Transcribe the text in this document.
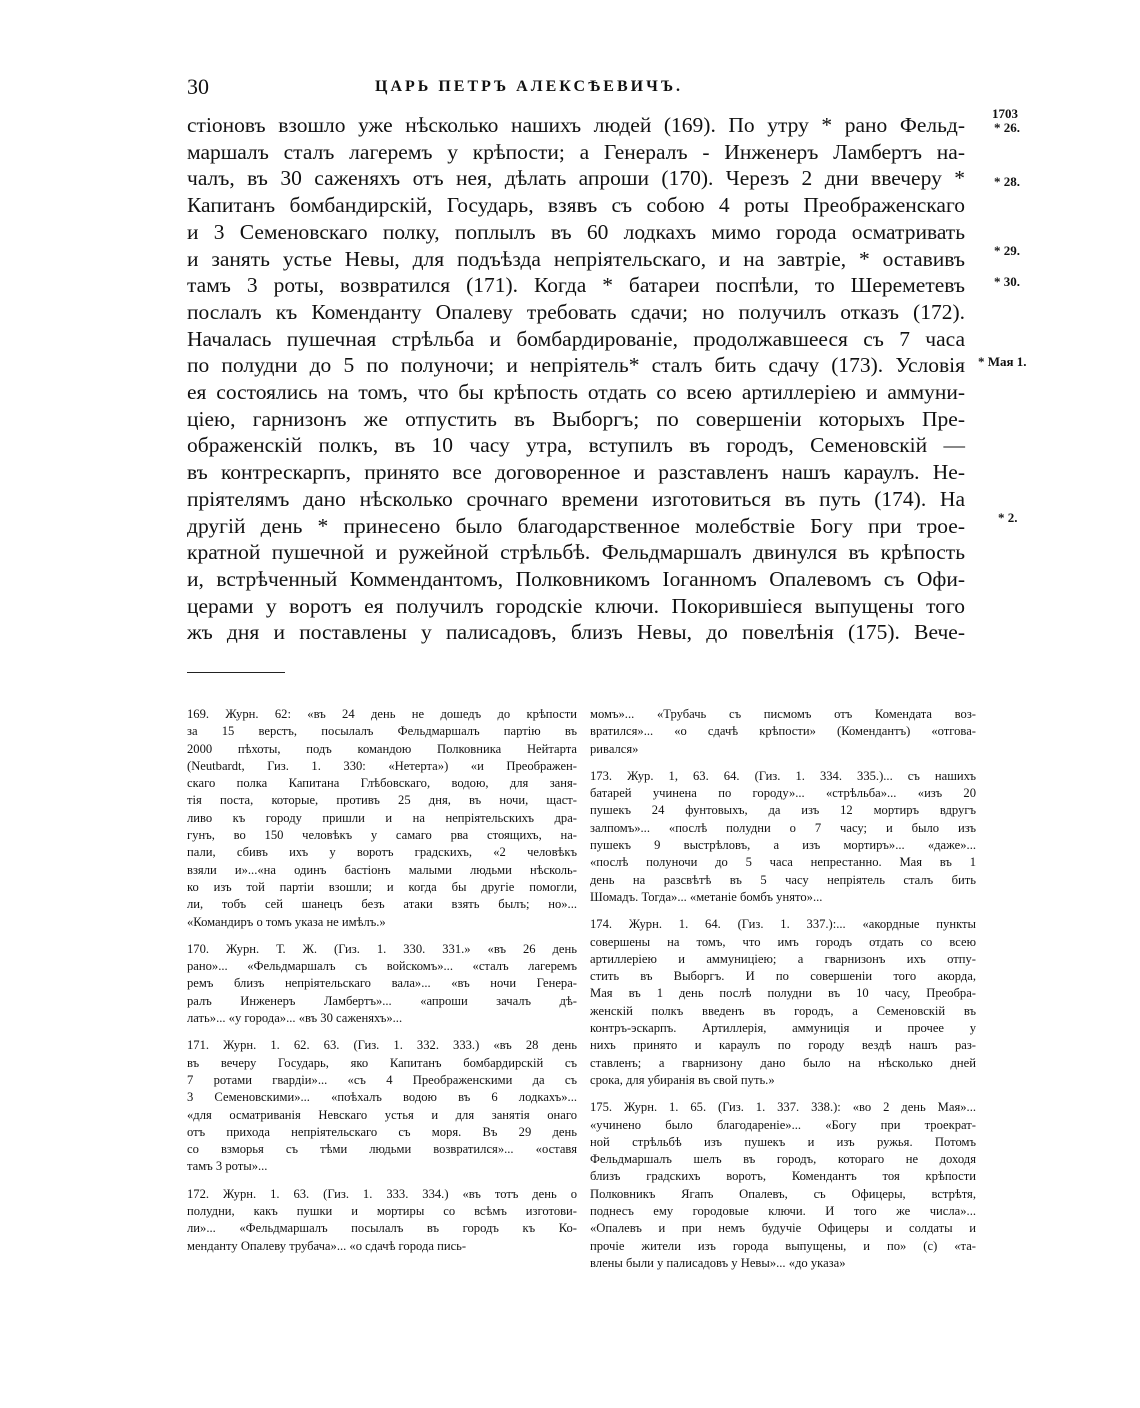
30	ЦАРЬ ПЕТРЪ АЛЕКСѢЕВИЧЪ.
стіоновъ взошло уже нѣсколько нашихъ людей (169). По утру * рано Фельд-
маршалъ сталъ лагеремъ у крѣпости; а Генералъ - Инженеръ Ламбертъ на-
чалъ, въ 30 саженяхъ отъ нея, дѣлать апроши (170). Черезъ 2 дни ввечеру *
Капитанъ бомбандирскій, Государь, взявъ съ собою 4 роты Преображенскаго
и 3 Семеновскаго полку, поплылъ въ 60 лодкахъ мимо города осматривать
и занять устье Невы, для подъѣзда непріятельскаго, и на завтріе, * оставивъ
тамъ 3 роты, возвратился (171). Когда * батареи поспѣли, то Шереметевъ
послалъ къ Коменданту Опалеву требовать сдачи; но получилъ отказъ (172).
Началась пушечная стрѣльба и бомбардированіе, продолжавшееся съ 7 часа
по полудни до 5 по полуночи; и непріятель* сталъ бить сдачу (173). Условія
ея состоялись на томъ, что бы крѣпость отдать со всею артиллеріею и аммуни-
ціею, гарнизонъ же отпустить въ Выборгъ; по совершеніи которыхъ Пре-
ображенскій полкъ, въ 10 часу утра, вступилъ въ городъ, Семеновскій —
въ контрескарпъ, принято все договоренное и разставленъ нашъ караулъ. Не-
пріятелямъ дано нѣсколько срочнаго времени изготовиться въ путь (174). На
другій день * принесено было благодарственное молебствіе Богу при трое-
кратной пушечной и ружейной стрѣльбѣ. Фельдмаршалъ двинулся въ крѣпость
и, встрѣченный Коммендантомъ, Полковникомъ Іоганномъ Опалевомъ съ Офи-
церами у воротъ ея получилъ городскіе ключи. Покорившіеся выпущены того
жъ дня и поставлены у палисадовъ, близъ Невы, до повелѣнія (175). Вече-
1703
* 26.
* 28.
* 29.
* 30.
* Мая 1.
* 2.
169. Журн. 62: «въ 24 день не дошедъ до крѣпости
за 15 верстъ, посылалъ Фельдмаршалъ партію въ
2000 пѣхоты, подъ командою Полковника Нейтарта
(Neutbardt, Гиз. 1. 330: «Нетерта») «и Преображен-
скаго полка Капитана Глѣбовскаго, водою, для заня-
тія поста, которые, противъ 25 дня, въ ночи, щаст-
ливо къ городу пришли и на непріятельскихъ дра-
гунъ, во 150 человѣкъ у самаго рва стоящихъ, на-
пали, сбивъ ихъ у воротъ градскихъ, «2 человѣкъ
взяли и»...«на одинъ бастіонъ малыми людьми нѣсколь-
ко изъ той партіи взошли; и когда бы другіе помогли,
ли, тобъ сей шанецъ безъ атаки взять былъ; но»...
«Командиръ о томъ указа не имѣлъ.»
170. Журн. Т. Ж. (Гиз. 1. 330. 331.» «въ 26 день
рано»... «Фельдмаршалъ съ войскомъ»... «сталъ лагеремъ
ремъ близъ непріятельскаго вала»... «въ ночи Генера-
ралъ Инженеръ Ламбертъ»... «апроши зачалъ дѣ-
лать»... «у города»... «въ 30 саженяхъ»...
171. Журн. 1. 62. 63. (Гиз. 1. 332. 333.) «въ 28 день
въ вечеру Государь, яко Капитанъ бомбардирскій съ
7 ротами гвардіи»... «съ 4 Преображенскими да съ
3 Семеновскими»... «поѣхалъ водою въ 6 лодкахъ»...
«для осматриванія Невскаго устья и для занятія онаго
отъ прихода непріятельскаго съ моря. Въ 29 день
со взморья съ тѣми людьми возвратился»... «оставя
тамъ 3 роты»...
172. Журн. 1. 63. (Гиз. 1. 333. 334.) «въ тотъ день о
полудни, какъ пушки и мортиры со всѣмъ изготови-
ли»... «Фельдмаршалъ посылалъ въ городъ къ Ко-
менданту Опалеву трубача»... «о сдачѣ города пись-
момъ»... «Трубачь съ писмомъ отъ Комендата воз-
вратился»... «о сдачѣ крѣпости» (Комендантъ) «отгова-
ривался»
173. Жур. 1, 63. 64. (Гиз. 1. 334. 335.)... съ нашихъ
батарей учинена по городу»... «стрѣльба»... «изъ 20
пушекъ 24 фунтовыхъ, да изъ 12 мортиръ вдругъ
залпомъ»... «послѣ полудни о 7 часу; и было изъ
пушекъ 9 выстрѣловъ, а изъ мортиръ»... «даже»...
«послѣ полуночи до 5 часа непрестанно. Мая въ 1
день на разсвѣтѣ въ 5 часу непріятель сталъ бить
Шомадъ. Тогда»... «метаніе бомбъ унято»...
174. Журн. 1. 64. (Гиз. 1. 337.):... «акордные пункты
совершены на томъ, что имъ городъ отдать со всею
артиллеріею и аммуниціею; а гварнизонъ ихъ отпу-
стить въ Выборгъ. И по совершеніи того акорда,
Мая въ 1 день послѣ полудни въ 10 часу, Преобра-
женскій полкъ введенъ въ городъ, а Семеновскій въ
контръ-эскарпъ. Артиллерія, аммуниція и прочее у
нихъ принято и караулъ по городу вездѣ нашъ раз-
ставленъ; а гварнизону дано было на нѣсколько дней
срока, для убиранія въ свой путь.»
175. Журн. 1. 65. (Гиз. 1. 337. 338.): «во 2 день Мая»...
«учинено было благодареніе»... «Богу при троекрат-
ной стрѣльбѣ изъ пушекъ и изъ ружья. Потомъ
Фельдмаршалъ шелъ въ городъ, котораго не доходя
близъ градскихъ воротъ, Комендантъ тоя крѣпости
Полковникъ Ягапъ Опалевъ, съ Офицеры, встрѣтя,
поднесъ ему городовые ключи. И того же числа»...
«Опалевъ и при немъ будучіе Офицеры и солдаты и
прочіе жители изъ города выпущены, и по» (с) «та-
влены были у палисадовъ у Невы»... «до указа»
